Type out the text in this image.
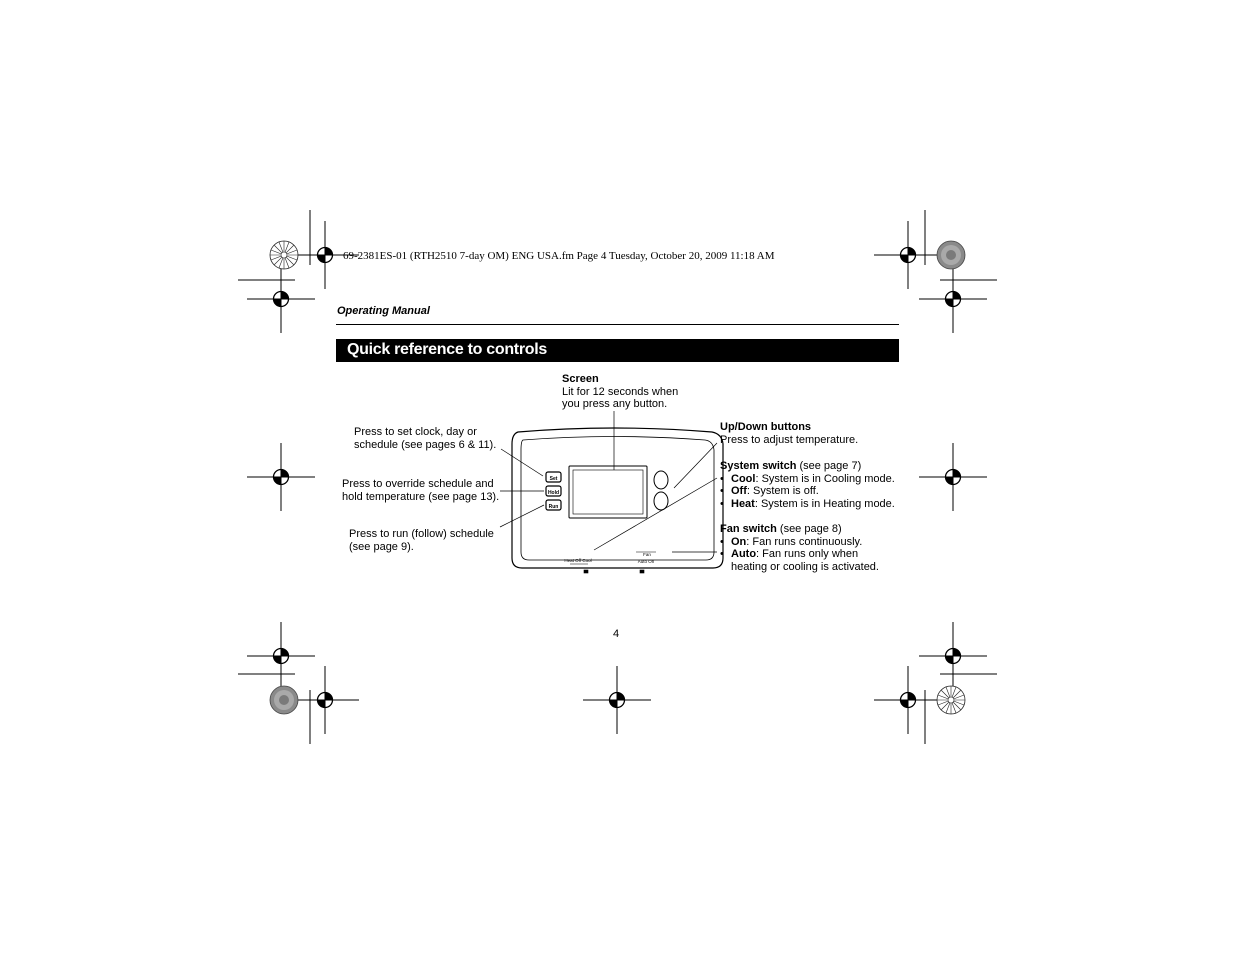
69-2381ES-01 (RTH2510 7-day OM) ENG USA.fm Page 4 Tuesday, October 20, 2009 11:18 AM
Operating Manual
Quick reference to controls
Set
Hold
Run
Heat Off Cool
Fan
Auto On
Screen
Lit for 12 seconds when
you press any button.
Press to set clock, day or
schedule (see pages 6 & 11).
Press to override schedule and
hold temperature (see page 13).
Press to run (follow) schedule
(see page 9).
Up/Down buttons
Press to adjust temperature.
System switch (see page 7)
• Cool: System is in Cooling mode.
• Off: System is off.
• Heat: System is in Heating mode.
Fan switch (see page 8)
• On: Fan runs continuously.
• Auto: Fan runs only when
heating or cooling is activated.
4
